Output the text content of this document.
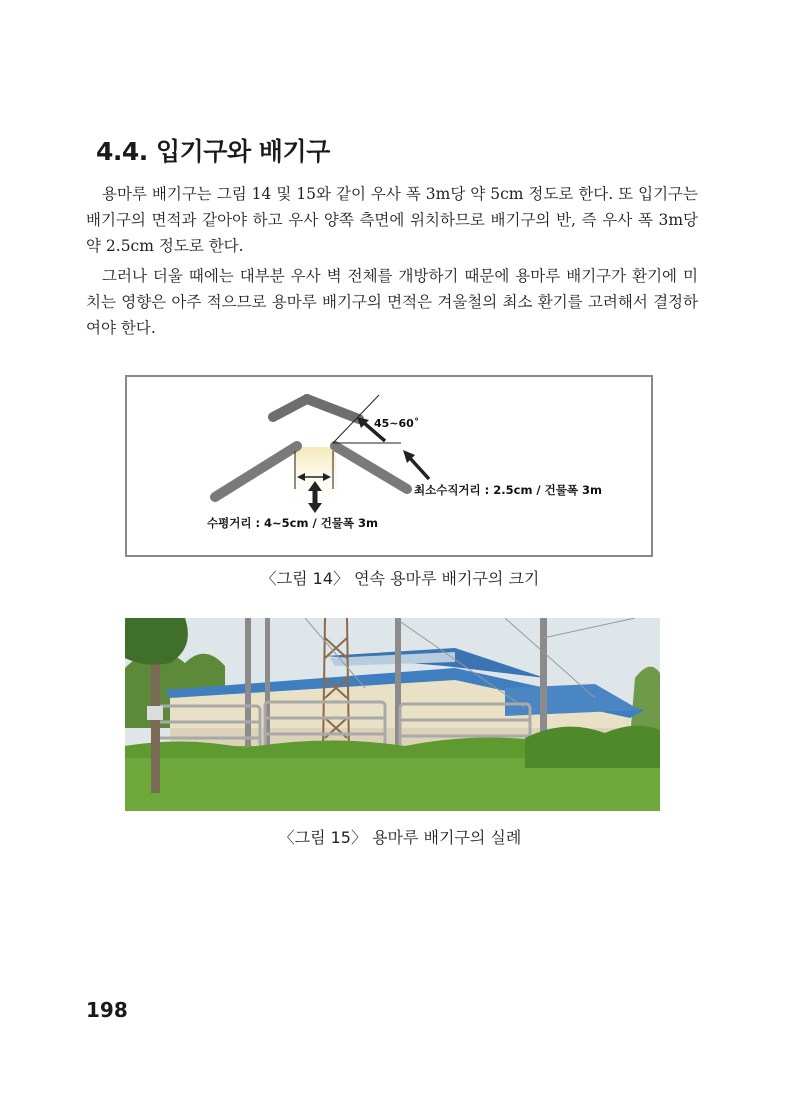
4.4. 입기구와 배기구

용마루 배기구는 그림 14 및 15와 같이 우사 폭 3m당 약 5cm 정도로 한다. 또 입기구는 배기구의 면적과 같아야 하고 우사 양쪽 측면에 위치하므로 배기구의 반, 즉 우사 폭 3m당 약 2.5cm 정도로 한다.

그러나 더울 때에는 대부분 우사 벽 전체를 개방하기 때문에 용마루 배기구가 환기에 미치는 영향은 아주 적으므로 용마루 배기구의 면적은 겨울철의 최소 환기를 고려해서 결정하여야 한다.

45~60˚
최소수직거리 : 2.5cm / 건물폭 3m
수평거리 : 4~5cm / 건물폭 3m
〈그림 14〉 연속 용마루 배기구의 크기
〈그림 15〉 용마루 배기구의 실례
198
